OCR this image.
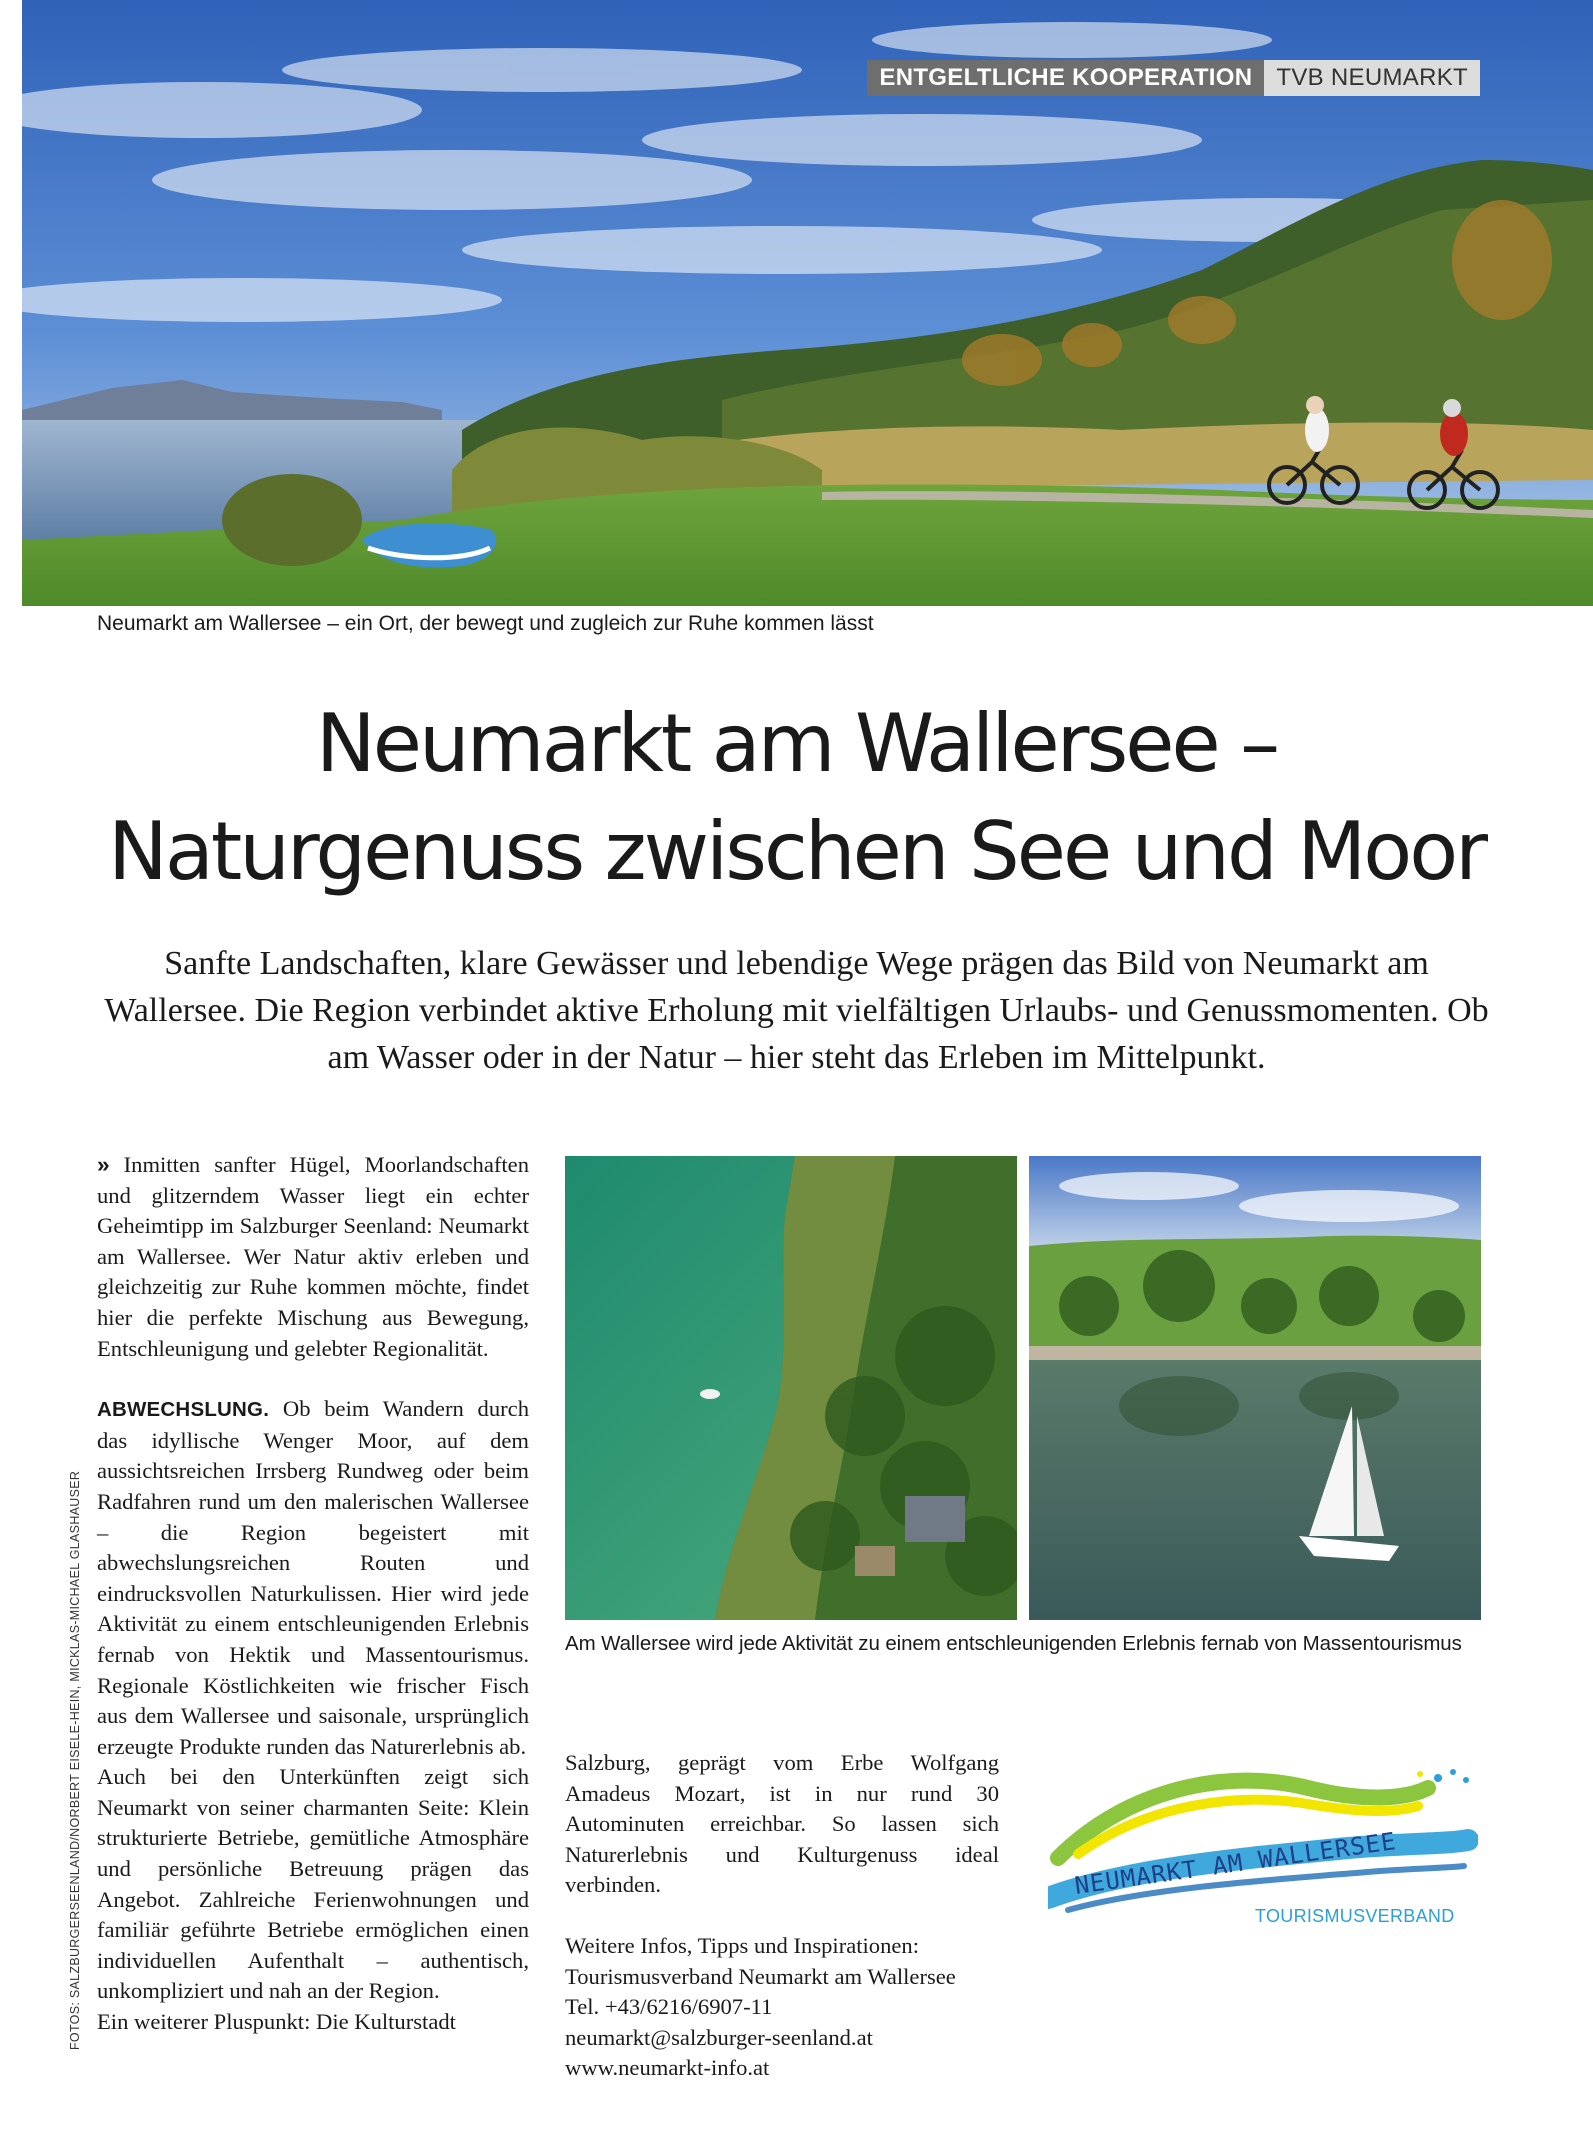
ENTGELTLICHE KOOPERATION	TVB NEUMARKT
Neumarkt am Wallersee – ein Ort, der bewegt und zugleich zur Ruhe kommen lässt
Neumarkt am Wallersee –
Naturgenuss zwischen See und Moor
Sanfte Landschaften, klare Gewässer und lebendige Wege prägen das Bild von Neumarkt am Wallersee. Die Region verbindet aktive Erholung mit vielfältigen Urlaubs- und Genussmomenten. Ob am Wasser oder in der Natur – hier steht das Erleben im Mittelpunkt.

» Inmitten sanfter Hügel, Moorlandschaften und glitzerndem Wasser liegt ein echter Geheimtipp im Salzburger Seenland: Neumarkt am Wallersee. Wer Natur aktiv erleben und gleichzeitig zur Ruhe kommen möchte, findet hier die perfekte Mischung aus Bewegung, Entschleunigung und gelebter Regionalität.

ABWECHSLUNG. Ob beim Wandern durch das idyllische Wenger Moor, auf dem aussichtsreichen Irrsberg Rundweg oder beim Radfahren rund um den malerischen Wallersee – die Region begeistert mit abwechslungsreichen Routen und eindrucksvollen Naturkulissen. Hier wird jede Aktivität zu einem entschleunigenden Erlebnis fernab von Hektik und Massentourismus. Regionale Köstlichkeiten wie frischer Fisch aus dem Wallersee und saisonale, ursprünglich erzeugte Produkte runden das Naturerlebnis ab.

Auch bei den Unterkünften zeigt sich Neumarkt von seiner charmanten Seite: Klein strukturierte Betriebe, gemütliche Atmosphäre und persönliche Betreuung prägen das Angebot. Zahlreiche Ferienwohnungen und familiär geführte Betriebe ermöglichen einen individuellen Aufenthalt – authentisch, unkompliziert und nah an der Region.

Ein weiterer Pluspunkt: Die Kulturstadt

FOTOS: SALZBURGERSEENLAND/NORBERT EISELE-HEIN, MICKLAS-MICHAEL GLASHAUSER	Am Wallersee wird jede Aktivität zu einem entschleunigenden Erlebnis fernab von Massentourismus

Salzburg, geprägt vom Erbe Wolfgang Amadeus Mozart, ist in nur rund 30 Autominuten erreichbar. So lassen sich Naturerlebnis und Kulturgenuss ideal verbinden.

Weitere Infos, Tipps und Inspirationen:

Tourismusverband Neumarkt am Wallersee

Tel. +43/6216/6907-11

neumarkt@salzburger-seenland.at

www.neumarkt-info.at

NEUMARKT AM WALLERSEE
TOURISMUSVERBAND
